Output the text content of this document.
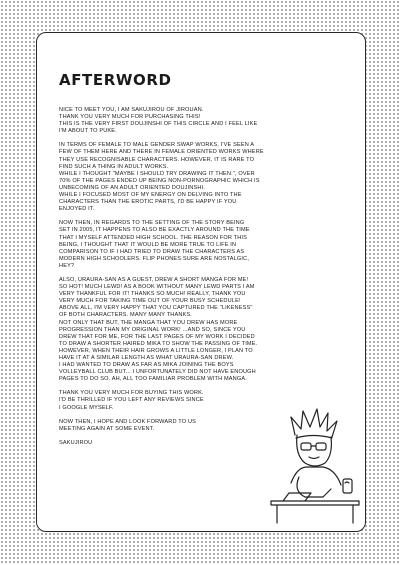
AFTERWORD

NICE TO MEET YOU, I AM SAKUJIROU OF JIROUAN.
THANK YOU VERY MUCH FOR PURCHASING THIS!
THIS IS THE VERY FIRST DOUJINSHI OF THIS CIRCLE AND I FEEL LIKE
I'M ABOUT TO PUKE.

IN TERMS OF FEMALE TO MALE GENDER SWAP WORKS, I'VE SEEN A
FEW OF THEM HERE AND THERE IN FEMALE ORIENTED WORKS WHERE
THEY USE RECOGNISABLE CHARACTERS. HOWEVER, IT IS RARE TO
FIND SUCH A THING IN ADULT WORKS.
WHILE I THOUGHT "MAYBE I SHOULD TRY DRAWING IT THEN.", OVER
70% OF THE PAGES ENDED UP BEING NON-PORNOGRAPHIC WHICH IS
UNBECOMING OF AN ADULT ORIENTED DOUJINSHI.
WHILE I FOCUSED MOST OF MY ENERGY ON DELVING INTO THE
CHARACTERS THAN THE EROTIC PARTS, I'D BE HAPPY IF YOU
ENJOYED IT.

NOW THEN, IN REGARDS TO THE SETTING OF THE STORY BEING
SET IN 2005, IT HAPPENS TO ALSO BE EXACTLY AROUND THE TIME
THAT I MYSELF ATTENDED HIGH SCHOOL. THE REASON FOR THIS
BEING, I THOUGHT THAT IT WOULD BE MORE TRUE TO LIFE IN
COMPARISON TO IF I HAD TRIED TO DRAW THE CHARACTERS AS
MODERN HIGH SCHOOLERS. FLIP PHONES SURE ARE NOSTALGIC,
HEY?

ALSO, URAURA-SAN AS A GUEST, DREW A SHORT MANGA FOR ME!
SO HOT! MUCH LEWD! AS A BOOK WITHOUT MANY LEWD PARTS I AM
VERY THANKFUL FOR IT! THANKS SO MUCH! REALLY, THANK YOU
VERY MUCH FOR TAKING TIME OUT OF YOUR BUSY SCHEDULE!
ABOVE ALL, I'M VERY HAPPY THAT YOU CAPTURED THE "LIKENESS"
OF BOTH CHARACTERS. MANY MANY THANKS.
NOT ONLY THAT BUT, THE MANGA THAT YOU DREW HAS MORE
PROGRESSION THAN MY ORIGINAL WORK! ...AND SO, SINCE YOU
DREW THAT FOR ME, FOR THE LAST PAGES OF MY WORK I DECIDED
TO DRAW A SHORTER HAIRED MIKA TO SHOW THE PASSING OF TIME.
HOWEVER, WHEN THEIR HAIR GROWS A LITTLE LONGER, I PLAN TO
HAVE IT AT A SIMILAR LENGTH AS WHAT URAURA-SAN DREW.
I HAD WANTED TO DRAW AS FAR AS MIKA JOINING THE BOYS
VOLLEYBALL CLUB BUT... I UNFORTUNATELY DID NOT HAVE ENOUGH
PAGES TO DO SO. AH, ALL TOO FAMILIAR PROBLEM WITH MANGA.

THANK YOU VERY MUCH FOR BUYING THIS WORK.
I'D BE THRILLED IF YOU LEFT ANY REVIEWS SINCE
I GOOGLE MYSELF.

NOW THEN, I HOPE AND LOOK FORWARD TO US
MEETING AGAIN AT SOME EVENT.

SAKUJIROU
